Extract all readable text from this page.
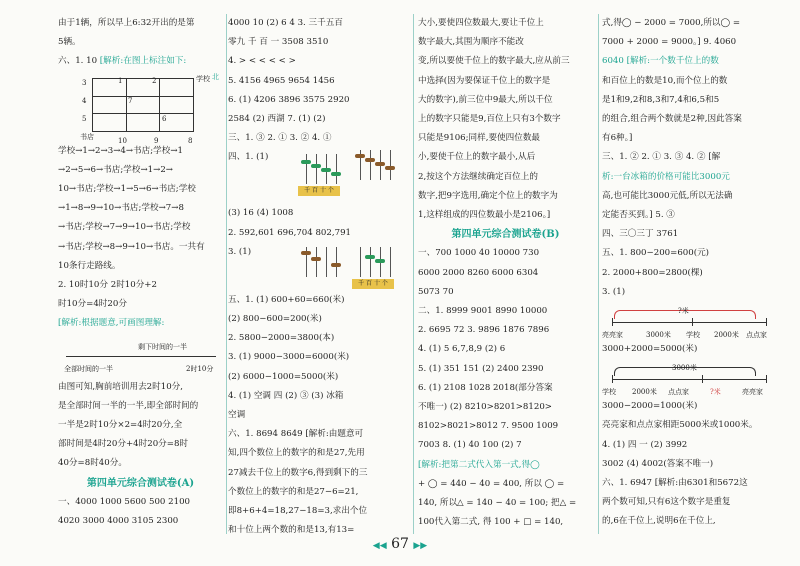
由于1辆，所以早上6:32开出的是第
5辆。
六、1. 10 [解析:在图上标注如下:
书店
学校 北
3	1	2
4	7
5	6
10	9	8
学校→1→2→3→4→书店;学校→1
→2→5→6→书店;学校→1→2→
10→书店;学校→1→5→6→书店;学校
→1→8→9→10→书店;学校→7→8
→书店;学校→7→9→10→书店;学校
→书店;学校→8→9→10→书店。一共有
10条行走路线。
2. 10时10分 2时10分+2
时10分=4时20分
[解析:根据题意,可画图理解:
全部时间的一半
剩下时间的一半
2时10分
由图可知,胸前培训用去2时10分,
是全部时间一半的一半,即全部时间的
一半是2时10分×2=4时20分,全
部时间是4时20分+4时20分=8时
40分=8时40分。
第四单元综合测试卷(A)
一、4000 1000 5600 500 2100
4020 3000 4000 3105 2300
4000 10 (2) 6 4 3. 三千五百
零九 千 百 一 3508 3510
4. > < < < < >
5. 4156 4965 9654 1456
6. (1) 4206 3896 3575 2920
2584 (2) 西湖 7. (1) (2)
三、1. ③ 2. ① 3. ② 4. ①
四、1. (1)
千 百 十 个
(3) 16 (4) 1008
2. 592,601 696,704 802,791
3. (1)
千 百 十 个
五、1. (1) 600+60=660(米)
(2) 800−600=200(米)
2. 5800−2000=3800(本)
3. (1) 9000−3000=6000(米)
(2) 6000−1000=5000(米)
4. (1) 空调 四 (2) ③ (3) 冰箱
空调
六、1. 8694 8649 [解析:由题意可
知,四个数位上的数字的和是27,先用
27减去千位上的数字6,得到剩下的三
个数位上的数字的和是27−6=21,
即8+6+4=18,27−18=3,求出个位
和十位上两个数的和是13,有13=
大小,要使四位数最大,要让千位上
数字最大,其围为顺序不能改
变,所以要使千位上的数字最大,应从前三
中选择(因为要保证千位上的数字是
大的数字),前三位中9最大,所以千位
上的数字只能是9,百位上只有3个数字
只能是9106;同样,要使四位数最
小,要使千位上的数字最小,从后
2,按这个方法继续确定百位上的
数字,把9字选用,确定个位上的数字为
1,这样组成的四位数最小是2106。]
第四单元综合测试卷(B)
一、700 1000 40 10000 730
6000 2000 8260 6000 6304
5073 70
二、1. 8999 9001 8990 10000
2. 6695 72 3. 9896 1876 7896
4. (1) 5 6,7,8,9 (2) 6
5. (1) 351 151 (2) 2400 2390
6. (1) 2108 1028 2018(部分答案
不唯一) (2) 8210>8201>8120>
8102>8021>8012 7. 9500 1009
7003 8. (1) 40 100 (2) 7
[解析:把第二式代入第一式,得◯
+ ◯ = 440 − 40 = 400, 所以 ◯ =
140, 所以△ = 140 − 40 = 100; 把△ =
100代入第二式, 得 100 + □ = 140,
式,得◯ − 2000 = 7000,所以◯ =
7000 + 2000 = 9000。] 9. 4060
6040 [解析:一个数千位上的数
和百位上的数是10,而个位上的数
是1和9,2和8,3和7,4和6,5和5
的组合,组合两个数就是2种,因此答案
有6种。]
三、1. ② 2. ① 3. ③ 4. ② [解
析:一台冰箱的价格可能比3000元
高,也可能比3000元低,所以无法确
定能否买到。] 5. ③
四、三〇三丁 3761
五、1. 800−200=600(元)
2. 2000+800=2800(棵)
3. (1)
?米
亮亮家	3000米 学校 2000米 点点家
3000+2000=5000(米)
3000米
学校 2000米 点点家	?米	亮亮家
3000−2000=1000(米)
亮亮家和点点家相距5000米或1000米。
4. (1) 四 一 (2) 3992
3002 (4) 4002(答案不唯一)
六、1. 6947 [解析:由6301和5672这
两个数可知,只有6这个数字是重复
的,6在千位上,说明6在千位上,
◀◀ 67 ▶▶
